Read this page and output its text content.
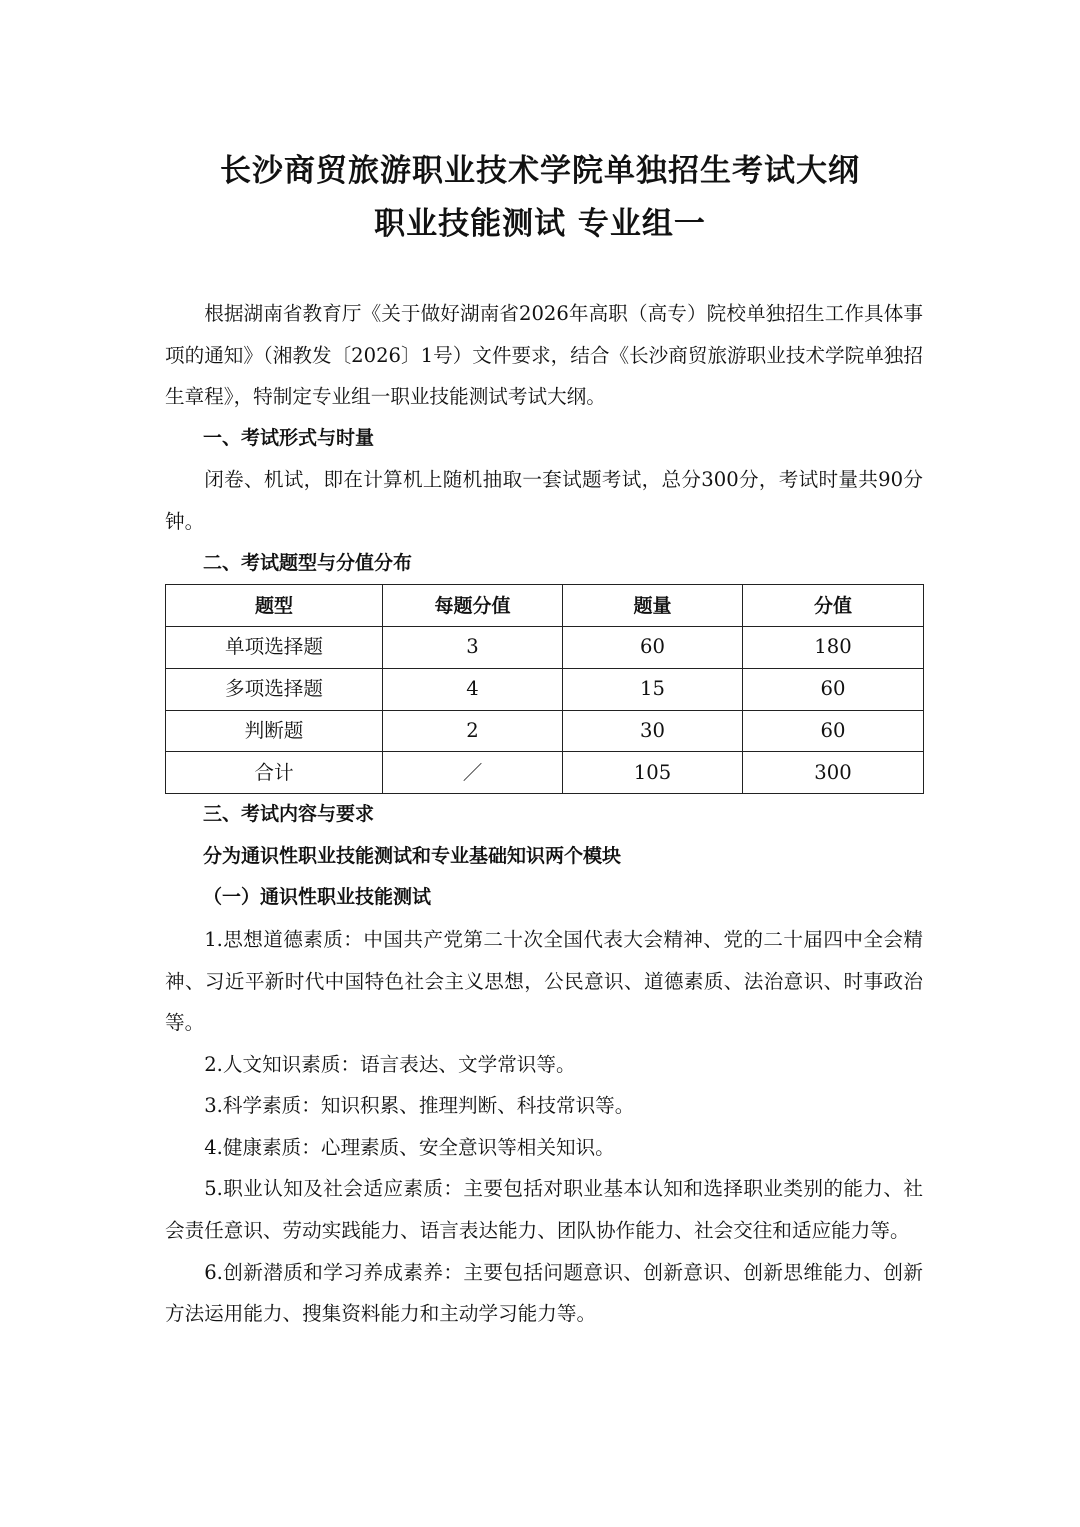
长沙商贸旅游职业技术学院单独招生考试大纲
职业技能测试 专业组一

根据湖南省教育厅《关于做好湖南省2026年高职（高专）院校单独招生工作具体事项的通知》（湘教发〔2026〕1号）文件要求，结合《长沙商贸旅游职业技术学院单独招生章程》，特制定专业组一职业技能测试考试大纲。

一、考试形式与时量

闭卷、机试，即在计算机上随机抽取一套试题考试，总分300分，考试时量共90分钟。

二、考试题型与分值分布

题型	每题分值	题量	分值
单项选择题	3	60	180
多项选择题	4	15	60
判断题	2	30	60
合计	／	105	300

三、考试内容与要求

分为通识性职业技能测试和专业基础知识两个模块

（一）通识性职业技能测试

1.思想道德素质：中国共产党第二十次全国代表大会精神、党的二十届四中全会精神、习近平新时代中国特色社会主义思想，公民意识、道德素质、法治意识、时事政治等。

2.人文知识素质：语言表达、文学常识等。

3.科学素质：知识积累、推理判断、科技常识等。

4.健康素质：心理素质、安全意识等相关知识。

5.职业认知及社会适应素质：主要包括对职业基本认知和选择职业类别的能力、社会责任意识、劳动实践能力、语言表达能力、团队协作能力、社会交往和适应能力等。

6.创新潜质和学习养成素养：主要包括问题意识、创新意识、创新思维能力、创新方法运用能力、搜集资料能力和主动学习能力等。
